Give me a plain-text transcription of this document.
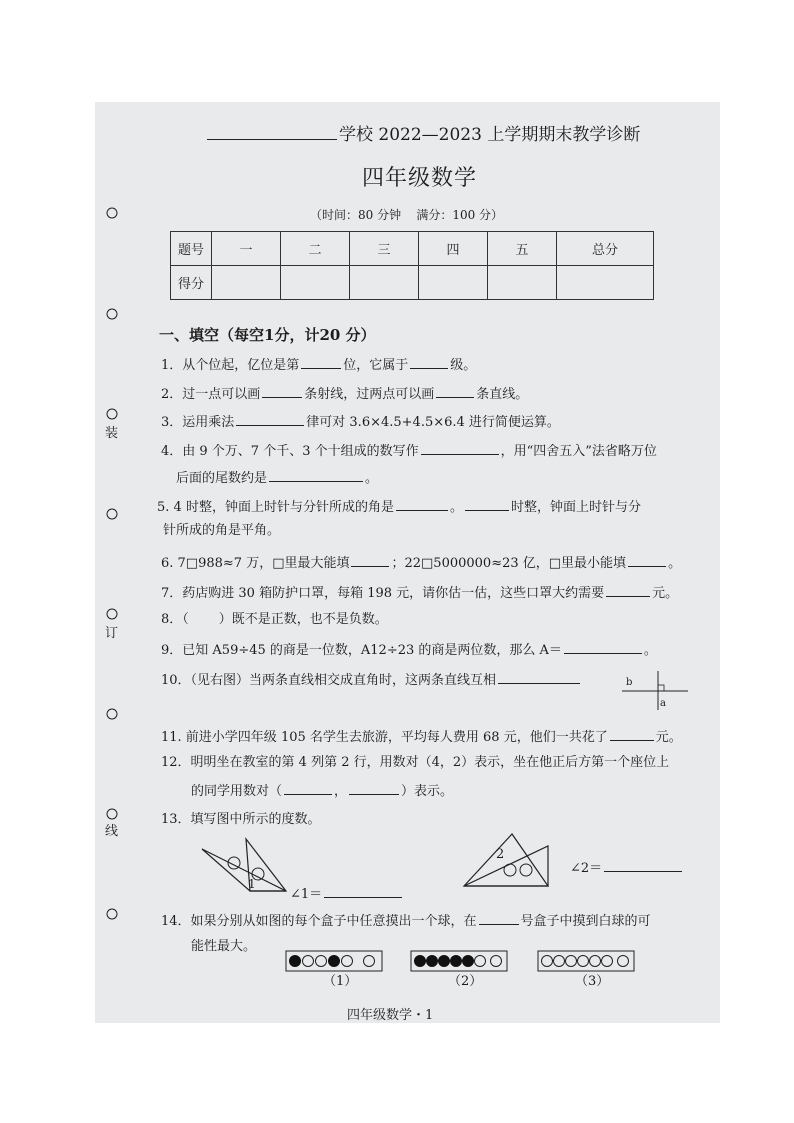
装
订
线
学校 2022—2023 上学期期末教学诊断
四年级数学
（时间：80 分钟    满分：100 分）
题号	一	二	三	四	五	总分
得分						
一、填空（每空1分，计20 分）
1．从个位起，亿位是第	位，它属于	级。
2．过一点可以画	条射线，过两点可以画	条直线。
3．运用乘法	律可对 3.6×4.5+4.5×6.4 进行简便运算。
4．由 9 个万、7 个千、3 个十组成的数写作	，用“四舍五入”法省略万位
后面的尾数约是	。
5. 4 时整，钟面上时针与分针所成的角是	。	时整，钟面上时针与分
针所成的角是平角。
6. 7□988≈7 万，□里最大能填	；22□5000000≈23 亿，□里最小能填	。
7．药店购进 30 箱防护口罩，每箱 198 元，请你估一估，这些口罩大约需要	元。
8．（ ）既不是正数，也不是负数。
9．已知 A59÷45 的商是一位数，A12÷23 的商是两位数，那么 A＝	。
10．（见右图）当两条直线相交成直角时，这两条直线互相	b
a
11. 前进小学四年级 105 名学生去旅游，平均每人费用 68 元，他们一共花了	元。
12．明明坐在教室的第 4 列第 2 行，用数对（4，2）表示，坐在他正后方第一个座位上
的同学用数对（	，	）表示。
13．填写图中所示的度数。
1
∠1＝
2
∠2＝
14．如果分别从如图的每个盒子中任意摸出一个球，在	号盒子中摸到白球的可
能性最大。
（1）	（2）	（3）
四年级数学・1
